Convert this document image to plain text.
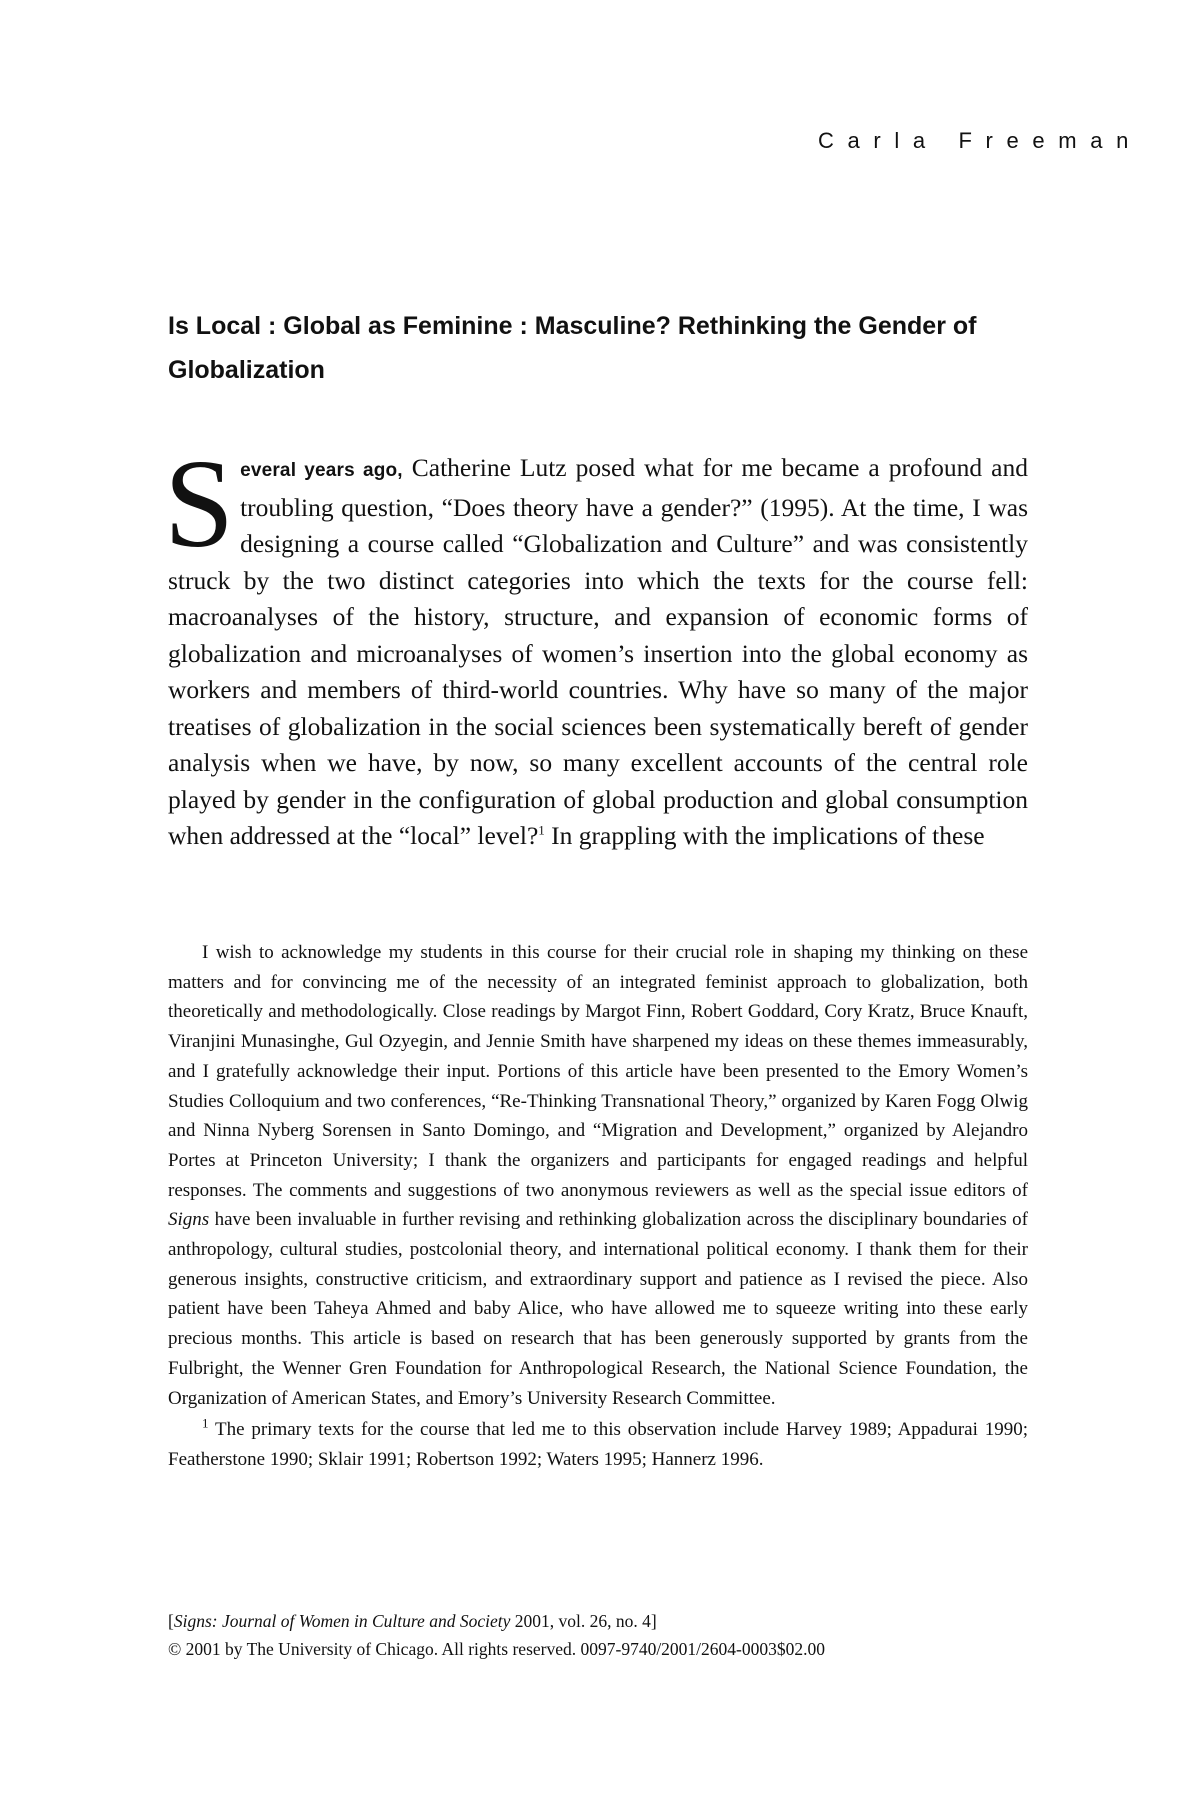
Carla Freeman
Is Local : Global as Feminine : Masculine? Rethinking the Gender of Globalization

Several years ago, Catherine Lutz posed what for me became a profound and troubling question, “Does theory have a gender?” (1995). At the time, I was designing a course called “Globalization and Culture” and was consistently struck by the two distinct categories into which the texts for the course fell: macroanalyses of the history, structure, and expansion of economic forms of globalization and microanalyses of women’s insertion into the global economy as workers and members of third-world countries. Why have so many of the major treatises of globalization in the social sciences been systematically bereft of gender analysis when we have, by now, so many excellent accounts of the central role played by gender in the configuration of global production and global consumption when addressed at the “local” level?$^1$ In grappling with the implications of these

I wish to acknowledge my students in this course for their crucial role in shaping my thinking on these matters and for convincing me of the necessity of an integrated feminist approach to globalization, both theoretically and methodologically. Close readings by Margot Finn, Robert Goddard, Cory Kratz, Bruce Knauft, Viranjini Munasinghe, Gul Ozyegin, and Jennie Smith have sharpened my ideas on these themes immeasurably, and I gratefully acknowledge their input. Portions of this article have been presented to the Emory Women’s Studies Colloquium and two conferences, “Re-Thinking Transnational Theory,” organized by Karen Fogg Olwig and Ninna Nyberg Sorensen in Santo Domingo, and “Migration and Development,” organized by Alejandro Portes at Princeton University; I thank the organizers and participants for engaged readings and helpful responses. The comments and suggestions of two anonymous reviewers as well as the special issue editors of Signs have been invaluable in further revising and rethinking globalization across the disciplinary boundaries of anthropology, cultural studies, postcolonial theory, and international political economy. I thank them for their generous insights, constructive criticism, and extraordinary support and patience as I revised the piece. Also patient have been Taheya Ahmed and baby Alice, who have allowed me to squeeze writing into these early precious months. This article is based on research that has been generously supported by grants from the Fulbright, the Wenner Gren Foundation for Anthropological Research, the National Science Foundation, the Organization of American States, and Emory’s University Research Committee.

$^1$ The primary texts for the course that led me to this observation include Harvey 1989; Appadurai 1990; Featherstone 1990; Sklair 1991; Robertson 1992; Waters 1995; Hannerz 1996.

[Signs: Journal of Women in Culture and Society 2001, vol. 26, no. 4]
© 2001 by The University of Chicago. All rights reserved. 0097-9740/2001/2604-0003$02.00
